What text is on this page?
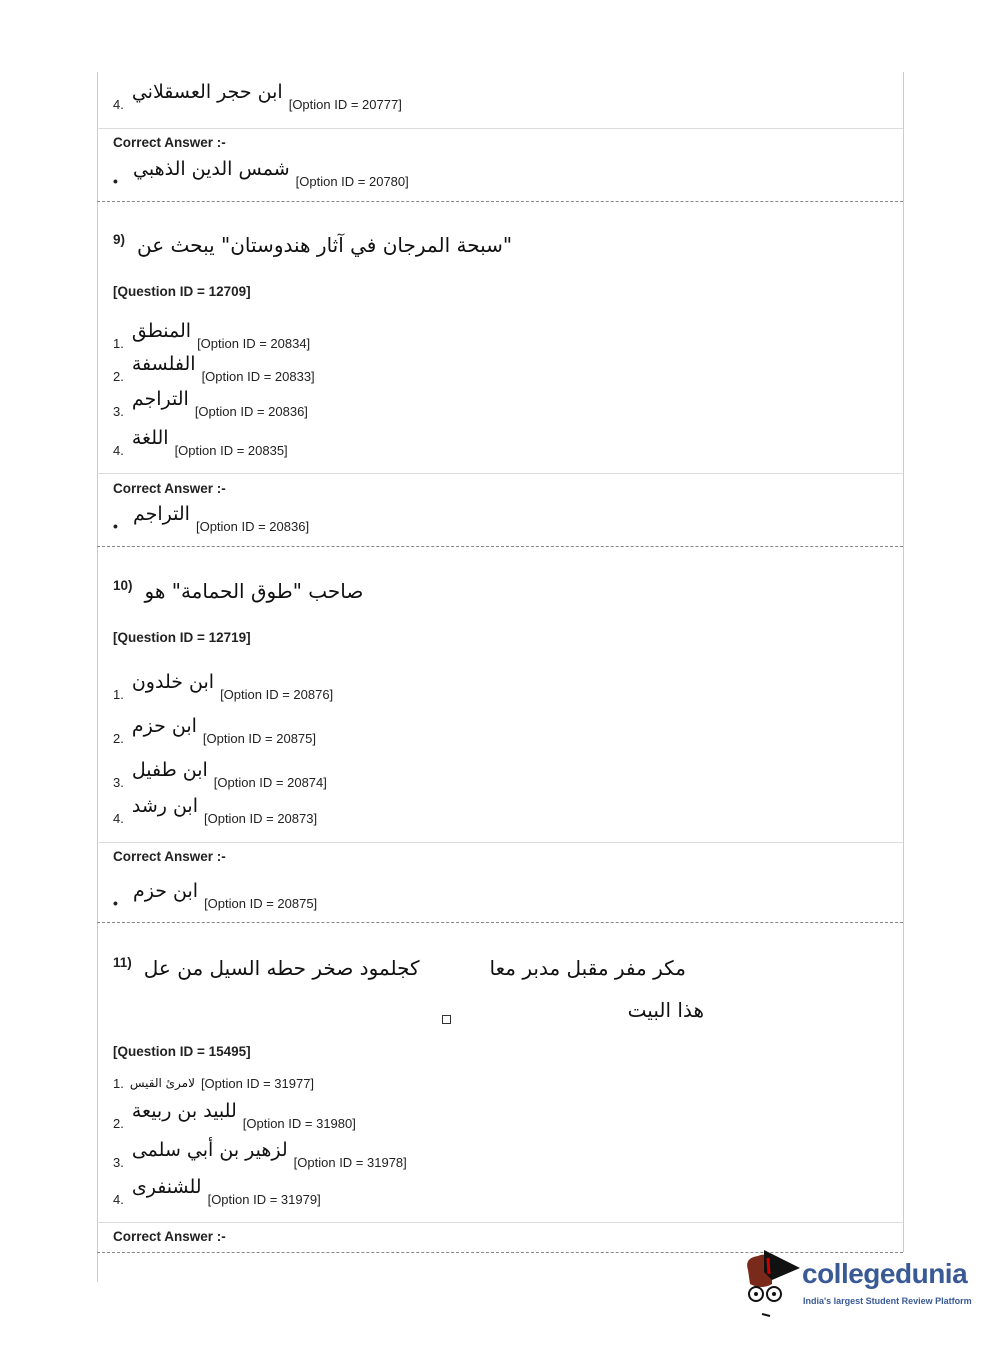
4.
ابن حجر العسقلاني
[Option ID = 20777]
Correct Answer :-
•
شمس الدين الذهبي
[Option ID = 20780]
9) "سبحة المرجان في آثار هندوستان" يبحث عن
[Question ID = 12709]
1.
المنطق
[Option ID = 20834]
2.
الفلسفة
[Option ID = 20833]
3.
التراجم
[Option ID = 20836]
4.
اللغة
[Option ID = 20835]
Correct Answer :-
•
التراجم
[Option ID = 20836]
10) صاحب "طوق الحمامة" هو
[Question ID = 12719]
1.
ابن خلدون
[Option ID = 20876]
2.
ابن حزم
[Option ID = 20875]
3.
ابن طفيل
[Option ID = 20874]
4.
ابن رشد
[Option ID = 20873]
Correct Answer :-
•
ابن حزم
[Option ID = 20875]
11) كجلمود صخر حطه السيل من عل	مكر مفر مقبل مدبر معا
هذا البيت
[Question ID = 15495]
1. لامرئ القيس [Option ID = 31977]
2.
للبيد بن ربيعة
[Option ID = 31980]
3.
لزهير بن أبي سلمى
[Option ID = 31978]
4.
للشنفرى
[Option ID = 31979]
Correct Answer :-
collegedunia
India's largest Student Review Platform
